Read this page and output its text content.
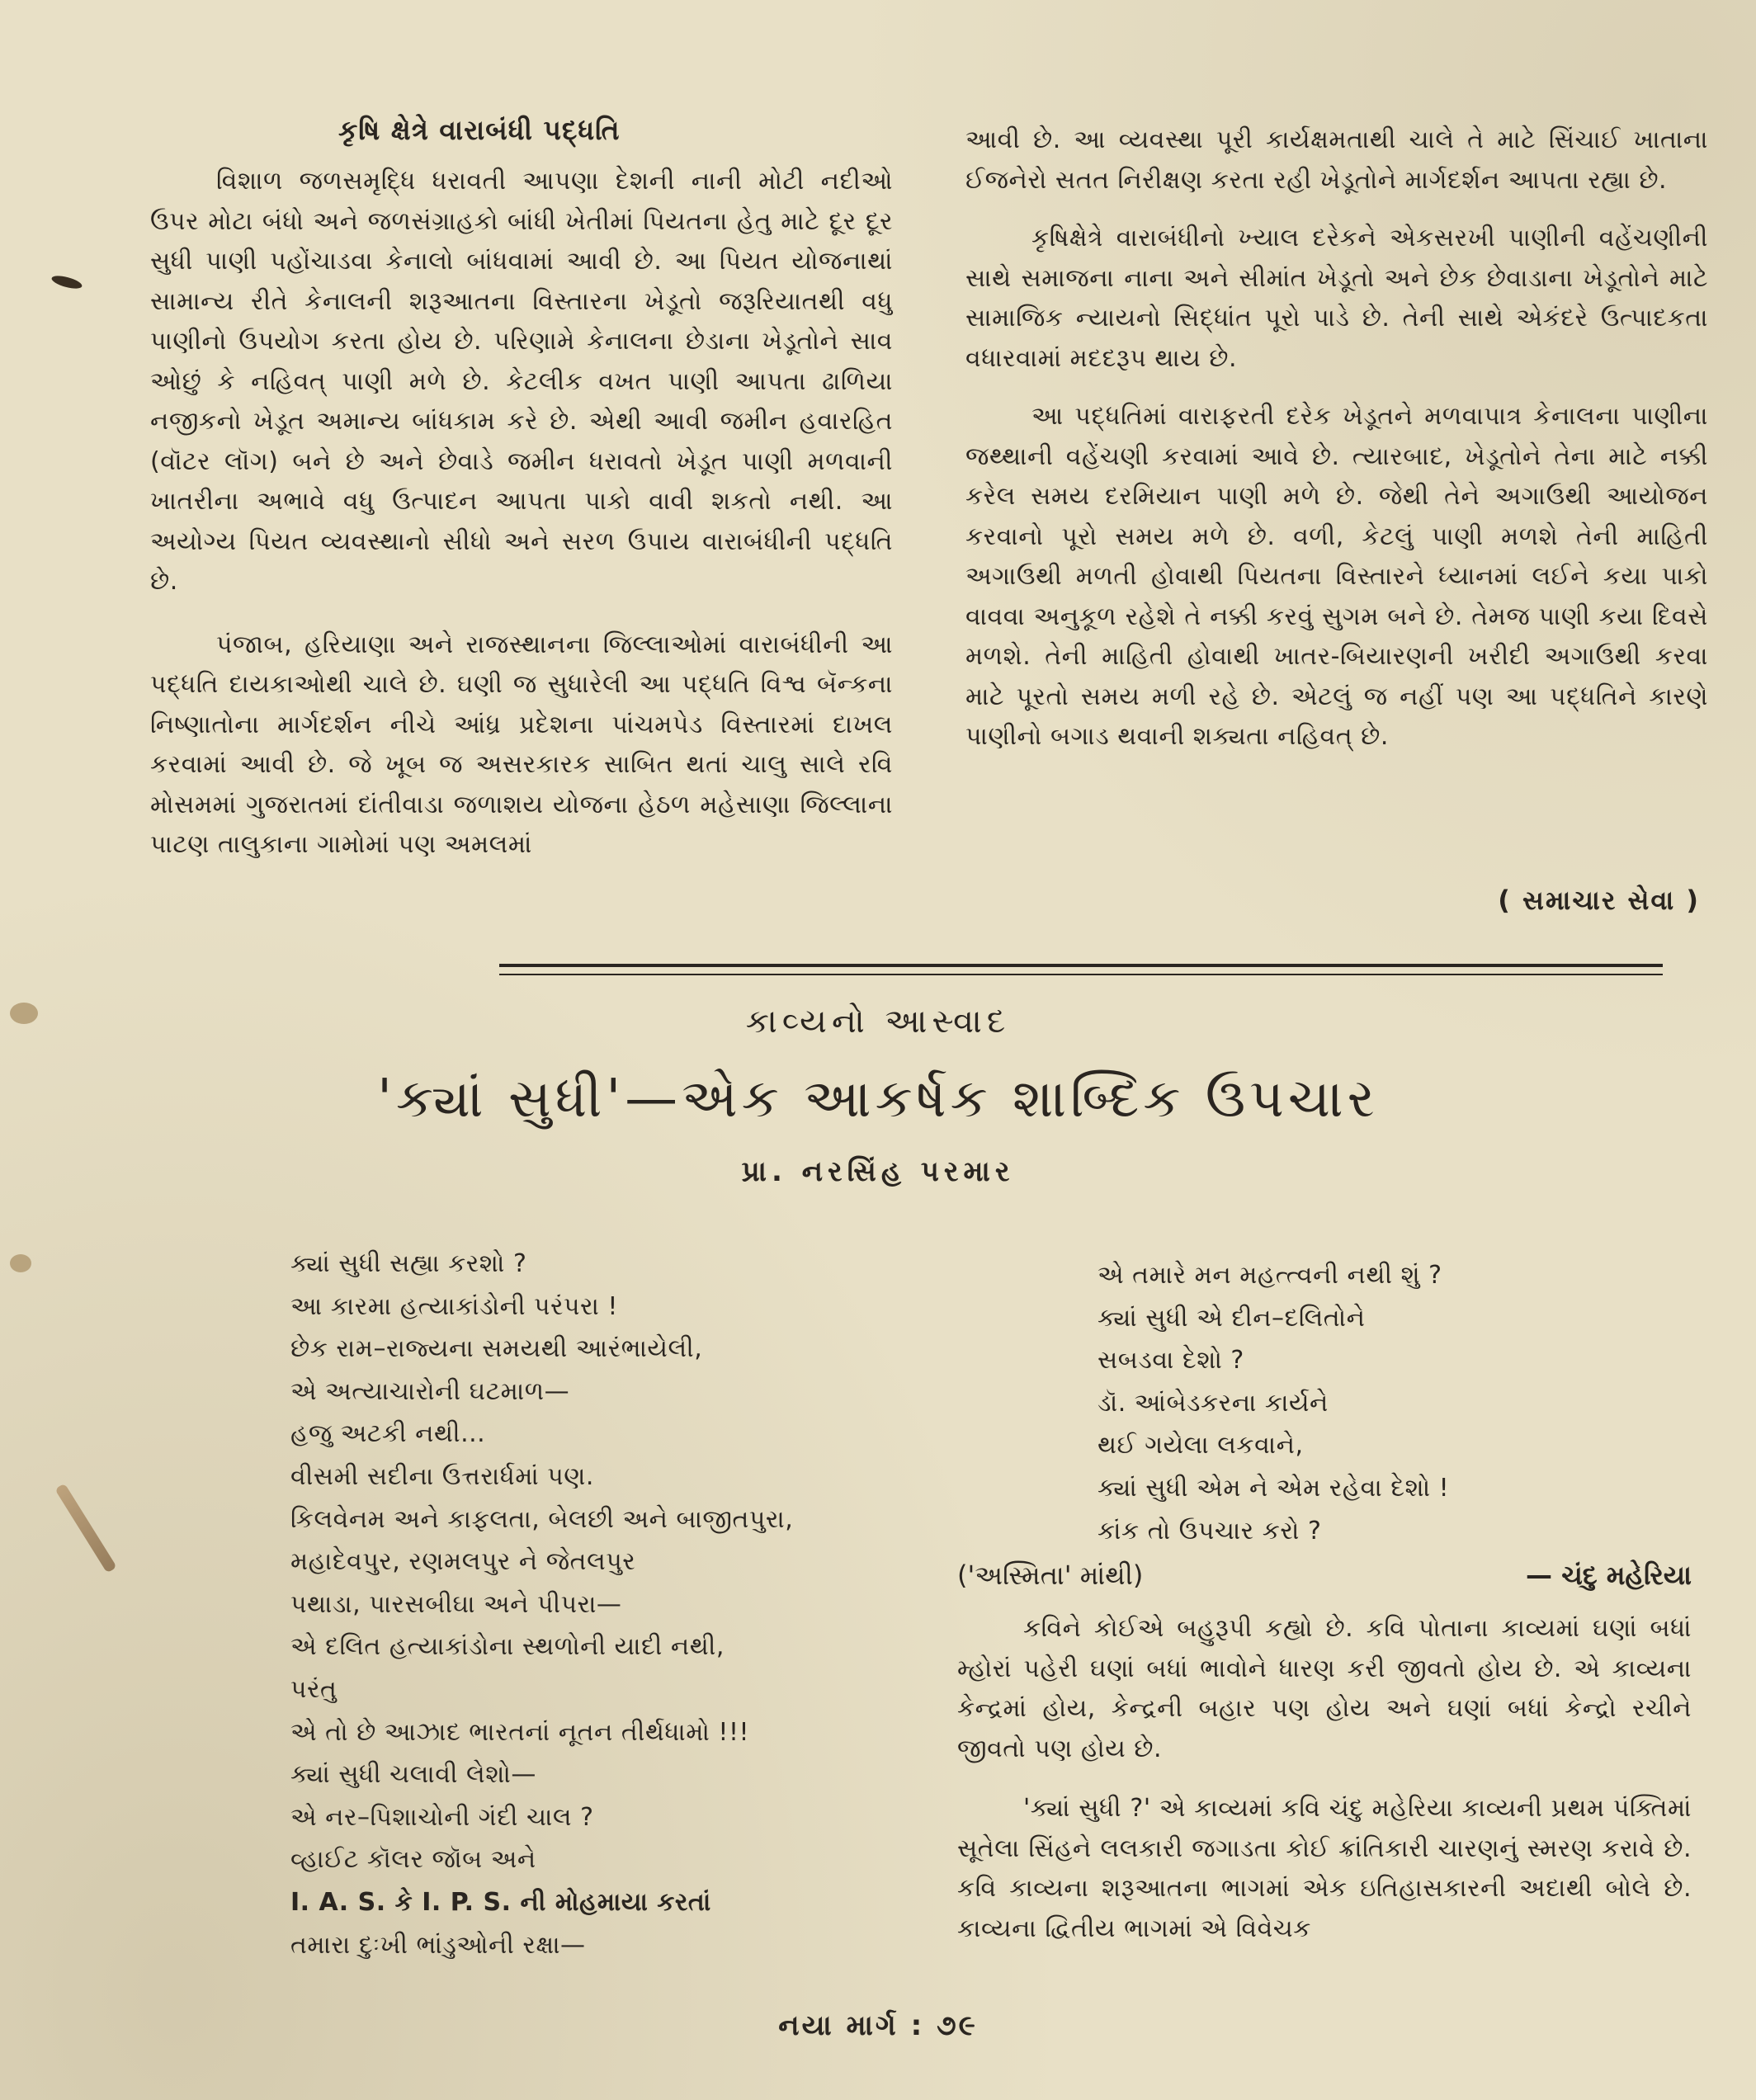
કૃષિ ક્ષેત્રે વારાબંધી પદ્ધતિ

વિશાળ જળસમૃદ્ધિ ધરાવતી આપણા દેશની નાની મોટી નદીઓ ઉપર મોટા બંધો અને જળસંગ્રાહકો બાંધી ખેતીમાં પિયતના હેતુ માટે દૂર દૂર સુધી પાણી પહોંચાડવા કેનાલો બાંધવામાં આવી છે. આ પિયત યોજનાથાં સામાન્ય રીતે કેનાલની શરૂઆતના વિસ્તારના ખેડૂતો જરૂરિયાતથી વધુ પાણીનો ઉપયોગ કરતા હોય છે. પરિણામે કેનાલના છેડાના ખેડૂતોને સાવ ઓછું કે નહિવત્ પાણી મળે છે. કેટલીક વખત પાણી આપતા ઢાળિયા નજીકનો ખેડૂત અમાન્ય બાંધકામ કરે છે. એથી આવી જમીન હવારહિત (વૉટર લૉગ) બને છે અને છેવાડે જમીન ધરાવતો ખેડૂત પાણી મળવાની ખાતરીના અભાવે વધુ ઉત્પાદન આપતા પાકો વાવી શકતો નથી. આ અયોગ્ય પિયત વ્યવસ્થાનો સીધો અને સરળ ઉપાય વારાબંધીની પદ્ધતિ છે.

પંજાબ, હરિયાણા અને રાજસ્થાનના જિલ્લાઓમાં વારાબંધીની આ પદ્ધતિ દાયકાઓથી ચાલે છે. ઘણી જ સુધારેલી આ પદ્ધતિ વિશ્વ બૅન્કના નિષ્ણાતોના માર્ગદર્શન નીચે આંધ્ર પ્રદેશના પાંચમપેડ વિસ્તારમાં દાખલ કરવામાં આવી છે. જે ખૂબ જ અસરકારક સાબિત થતાં ચાલુ સાલે રવિ મોસમમાં ગુજરાતમાં દાંતીવાડા જળાશય યોજના હેઠળ મહેસાણા જિલ્લાના પાટણ તાલુકાના ગામોમાં પણ અમલમાં

આવી છે. આ વ્યવસ્થા પૂરી કાર્યક્ષમતાથી ચાલે તે માટે સિંચાઈ ખાતાના ઈજનેરો સતત નિરીક્ષણ કરતા રહી ખેડૂતોને માર્ગદર્શન આપતા રહ્યા છે.

કૃષિક્ષેત્રે વારાબંધીનો ખ્યાલ દરેકને એકસરખી પાણીની વહેંચણીની સાથે સમાજના નાના અને સીમાંત ખેડૂતો અને છેક છેવાડાના ખેડૂતોને માટે સામાજિક ન્યાયનો સિદ્ધાંત પૂરો પાડે છે. તેની સાથે એકંદરે ઉત્પાદકતા વધારવામાં મદદરૂપ થાય છે.

આ પદ્ધતિમાં વારાફરતી દરેક ખેડૂતને મળવાપાત્ર કેનાલના પાણીના જથ્થાની વહેંચણી કરવામાં આવે છે. ત્યારબાદ, ખેડૂતોને તેના માટે નક્કી કરેલ સમય દરમિયાન પાણી મળે છે. જેથી તેને અગાઉથી આયોજન કરવાનો પૂરો સમય મળે છે. વળી, કેટલું પાણી મળશે તેની માહિતી અગાઉથી મળતી હોવાથી પિયતના વિસ્તારને ધ્યાનમાં લઈને કયા પાકો વાવવા અનુકૂળ રહેશે તે નક્કી કરવું સુગમ બને છે. તેમજ પાણી કયા દિવસે મળશે. તેની માહિતી હોવાથી ખાતર-બિયારણની ખરીદી અગાઉથી કરવા માટે પૂરતો સમય મળી રહે છે. એટલું જ નહીં પણ આ પદ્ધતિને કારણે પાણીનો બગાડ થવાની શક્યતા નહિવત્ છે.

( સમાચાર સેવા )
કાવ્યનો આસ્વાદ
'ક્યાં સુધી'—એક આકર્ષક શાબ્દિક ઉપચાર
પ્રા. નરસિંહ પરમાર
ક્યાં સુધી સહ્યા કરશો ?
આ કારમા હત્યાકાંડોની પરંપરા !
છેક રામ–રાજ્યના સમયથી આરંભાયેલી,
એ અત્યાચારોની ઘટમાળ—
હજુ અટકી નથી...
વીસમી સદીના ઉત્તરાર્ધમાં પણ.
કિલવેનમ અને કાફલતા, બેલછી અને બાજીતપુરા,
મહાદેવપુર, રણમલપુર ને જેતલપુર
પથાડા, પારસબીઘા અને પીપરા—
એ દલિત હત્યાકાંડોના સ્થળોની યાદી નથી,
પરંતુ
એ તો છે આઝાદ ભારતનાં નૂતન તીર્થધામો !!!
ક્યાં સુધી ચલાવી લેશો—
એ નર–પિશાચોની ગંદી ચાલ ?
વ્હાઈટ કૉલર જૉબ અને
I. A. S. કે I. P. S. ની મોહમાયા કરતાં
તમારા દુઃખી ભાંડુઓની રક્ષા—
એ તમારે મન મહત્ત્વની નથી શું ?
ક્યાં સુધી એ દીન–દલિતોને
સબડવા દેશો ?
ડૉ. આંબેડકરના કાર્યને
થઈ ગયેલા લકવાને,
ક્યાં સુધી એમ ને એમ રહેવા દેશો !
કાંક તો ઉપચાર કરો ?
('અસ્મિતા' માંથી)	— ચંદુ મહેરિયા

કવિને કોઈએ બહુરૂપી કહ્યો છે. કવિ પોતાના કાવ્યમાં ઘણાં બધાં મ્હોરાં પહેરી ઘણાં બધાં ભાવોને ધારણ કરી જીવતો હોય છે. એ કાવ્યના કેન્દ્રમાં હોય, કેન્દ્રની બહાર પણ હોય અને ઘણાં બધાં કેન્દ્રો રચીને જીવતો પણ હોય છે.

'ક્યાં સુધી ?' એ કાવ્યમાં કવિ ચંદુ મહેરિયા કાવ્યની પ્રથમ પંક્તિમાં સૂતેલા સિંહને લલકારી જગાડતા કોઈ ક્રાંતિકારી ચારણનું સ્મરણ કરાવે છે. કવિ કાવ્યના શરૂઆતના ભાગમાં એક ઇતિહાસકારની અદાથી બોલે છે. કાવ્યના દ્વિતીય ભાગમાં એ વિવેચક

નયા માર્ગ : ૭૯
